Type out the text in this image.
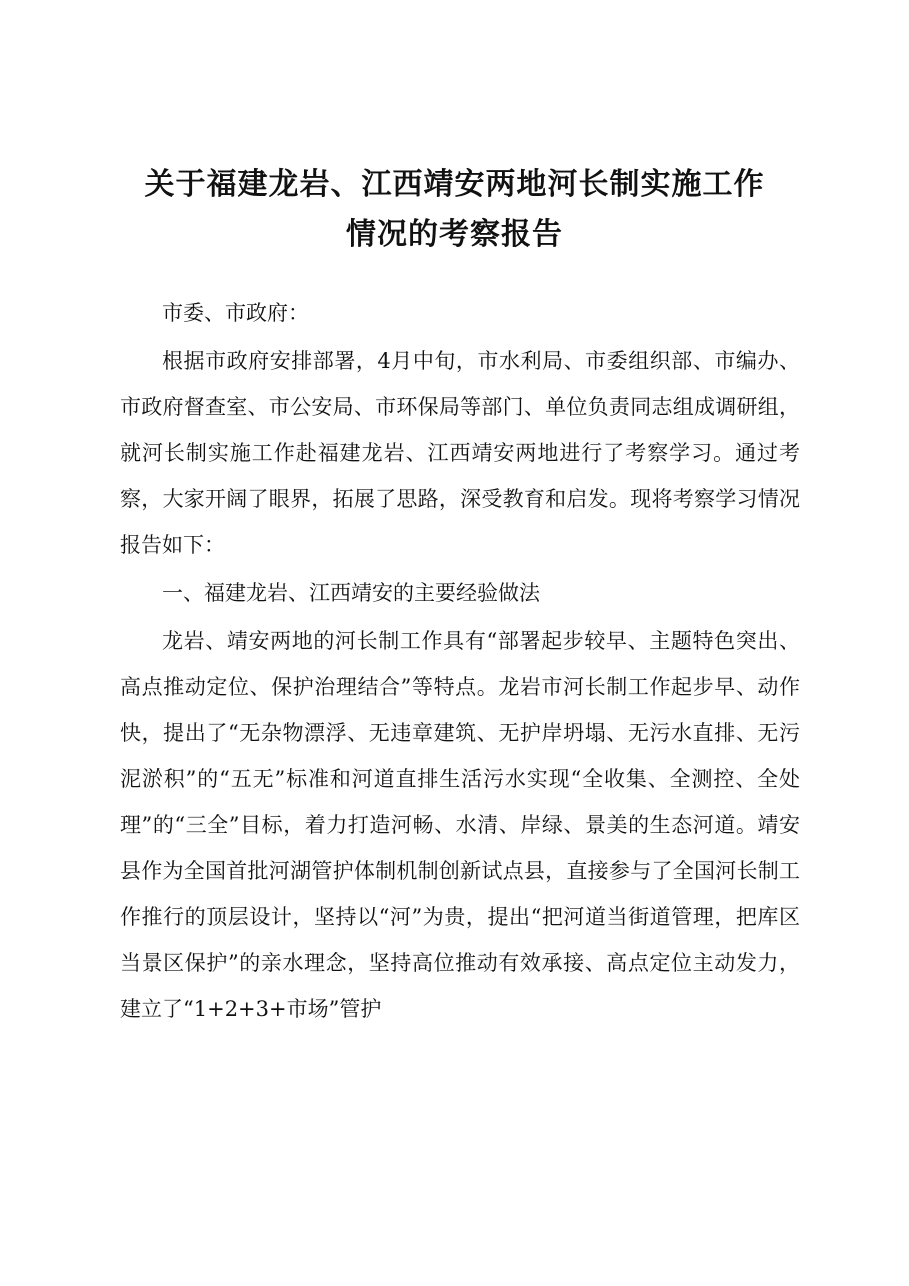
关于福建龙岩、江西靖安两地河长制实施工作
情况的考察报告

市委、市政府：

根据市政府安排部署，4月中旬，市水利局、市委组织部、市编办、市政府督查室、市公安局、市环保局等部门、单位负责同志组成调研组，就河长制实施工作赴福建龙岩、江西靖安两地进行了考察学习。通过考察，大家开阔了眼界，拓展了思路，深受教育和启发。现将考察学习情况报告如下：

一、福建龙岩、江西靖安的主要经验做法

龙岩、靖安两地的河长制工作具有“部署起步较早、主题特色突出、高点推动定位、保护治理结合”等特点。龙岩市河长制工作起步早、动作快，提出了“无杂物漂浮、无违章建筑、无护岸坍塌、无污水直排、无污泥淤积”的“五无”标准和河道直排生活污水实现“全收集、全测控、全处理”的“三全”目标，着力打造河畅、水清、岸绿、景美的生态河道。靖安县作为全国首批河湖管护体制机制创新试点县，直接参与了全国河长制工作推行的顶层设计，坚持以“河”为贵，提出“把河道当街道管理，把库区当景区保护”的亲水理念，坚持高位推动有效承接、高点定位主动发力，建立了“1+2+3+市场”管护
